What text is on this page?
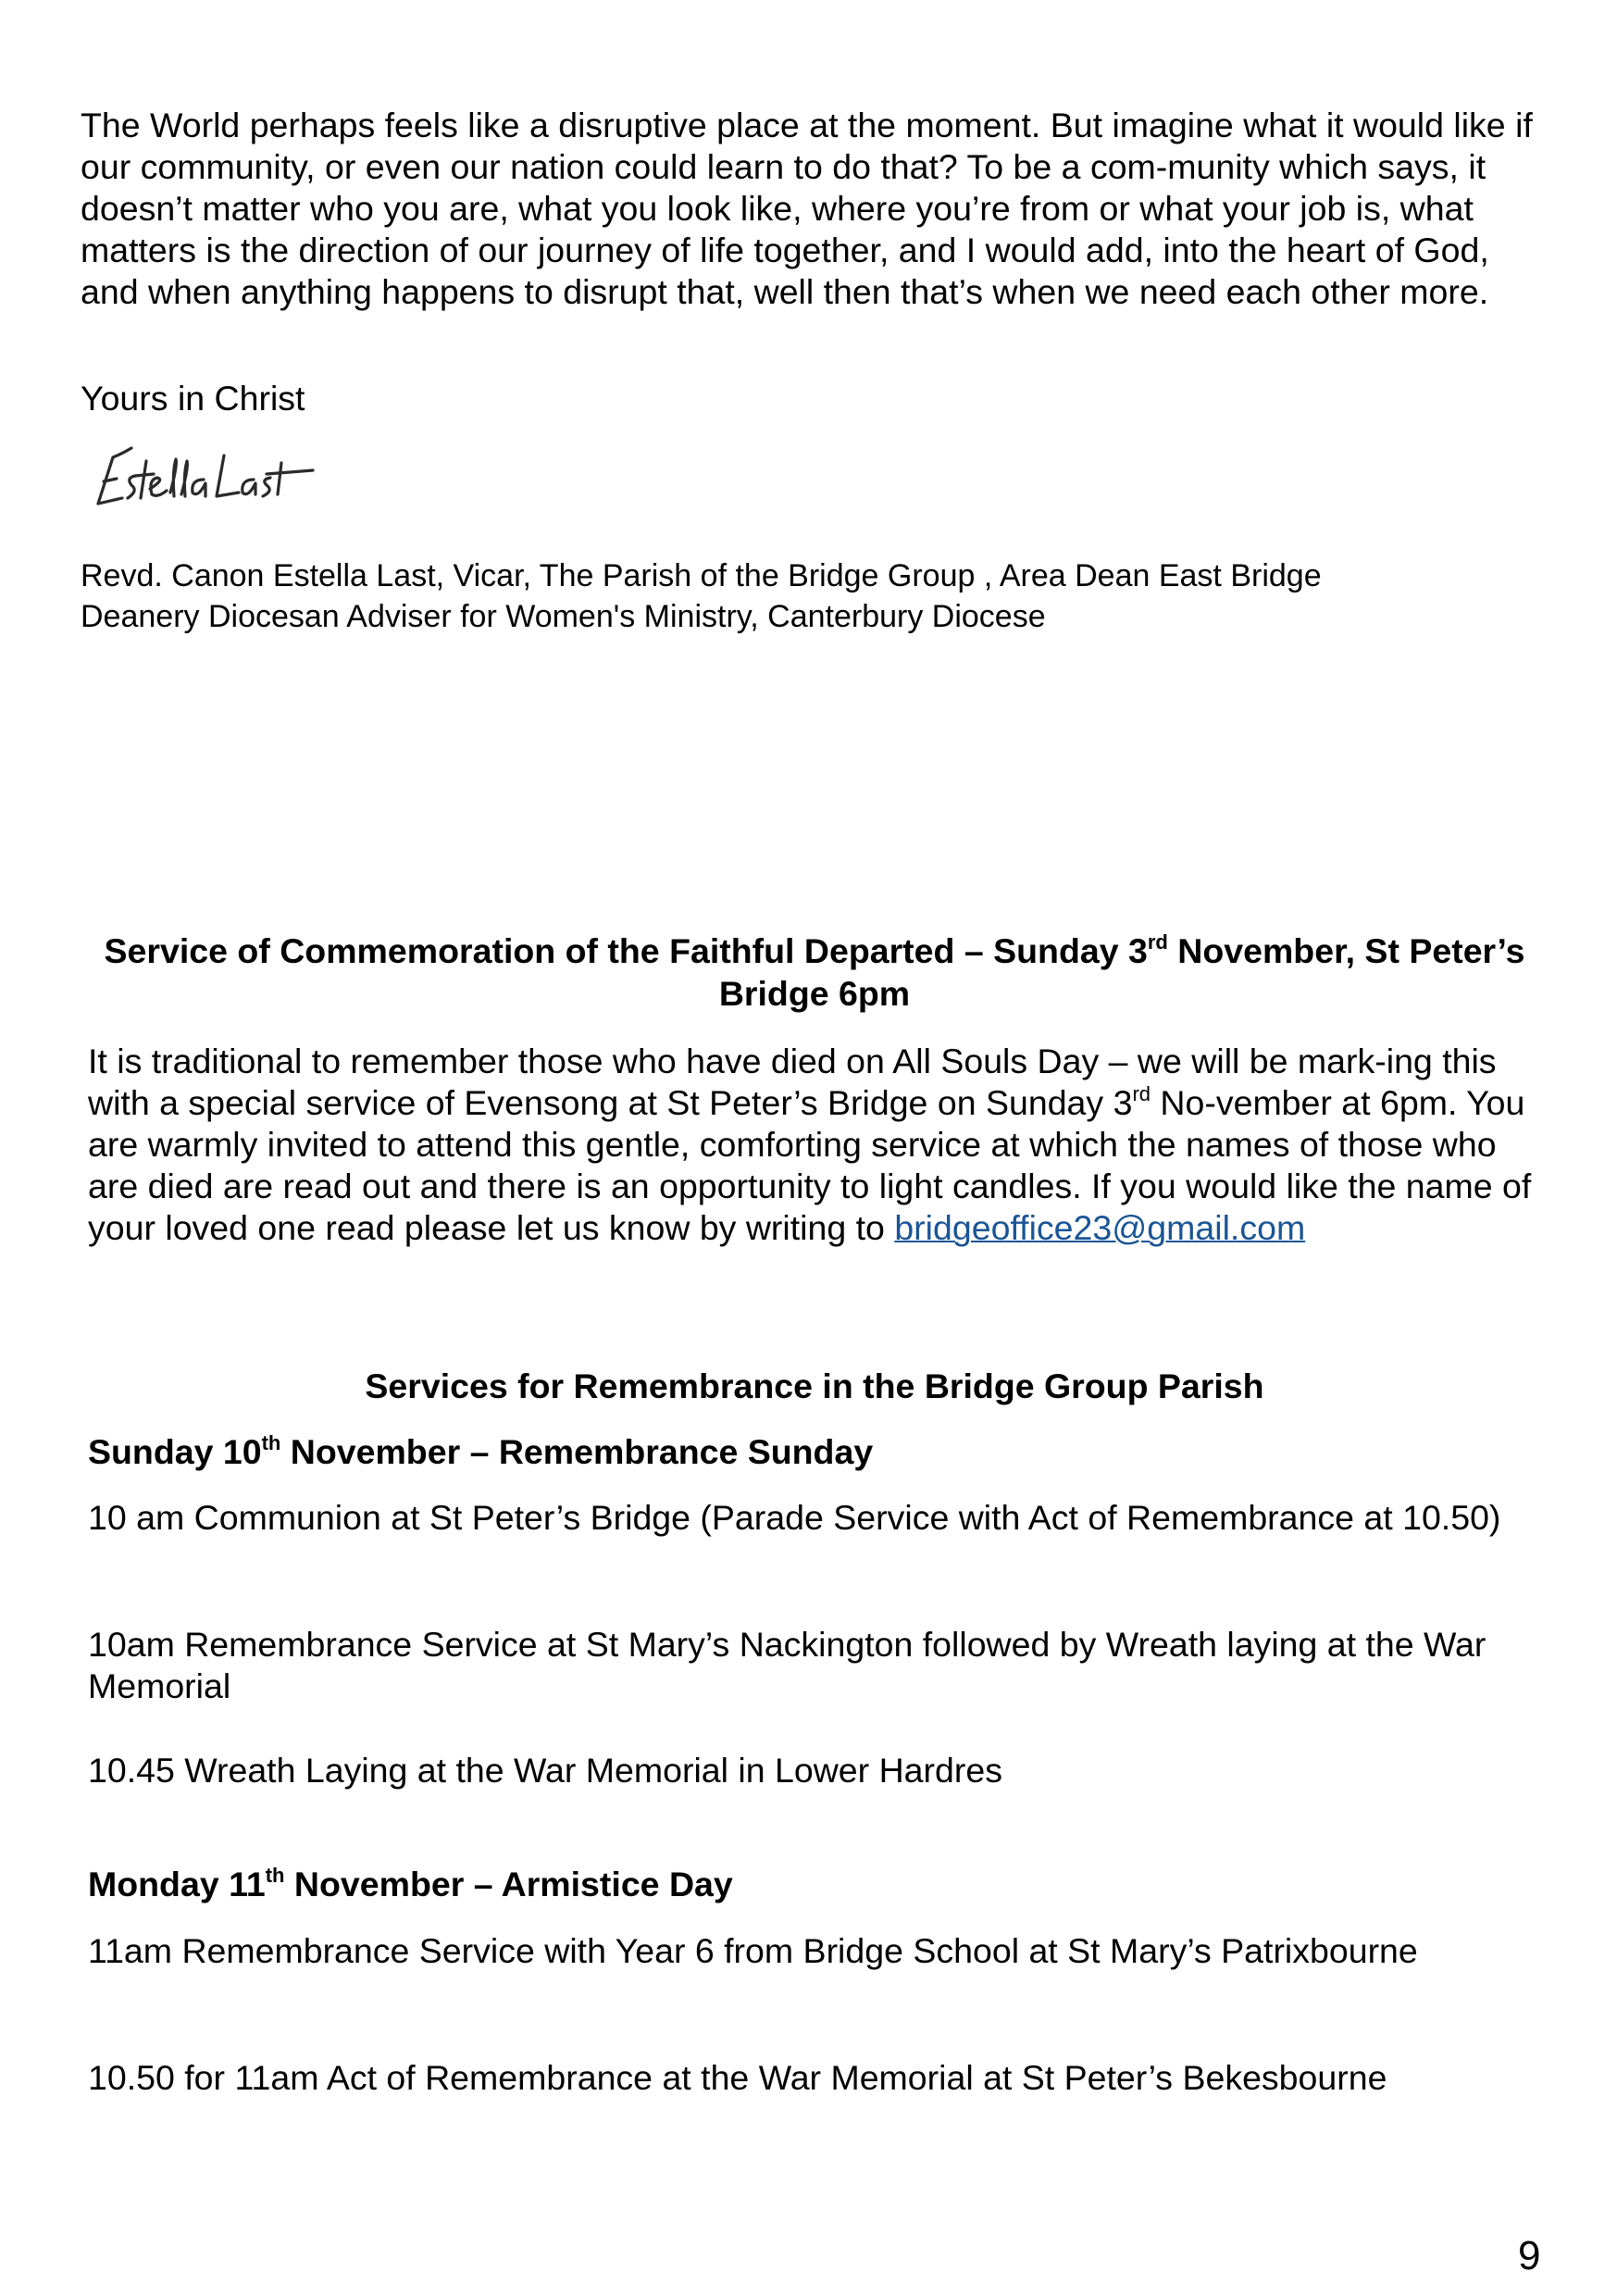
The World perhaps feels like a disruptive place at the moment. But imagine what it would like if our community, or even our nation could learn to do that? To be a com-munity which says, it doesn’t matter who you are, what you look like, where you’re from or what your job is, what matters is the direction of our journey of life together, and I would add, into the heart of God, and when anything happens to disrupt that, well then that’s when we need each other more.

Yours in Christ

Revd. Canon Estella Last, Vicar, The Parish of the Bridge Group , Area Dean East Bridge
Deanery Diocesan Adviser for Women's Ministry, Canterbury Diocese

Service of Commemoration of the Faithful Departed – Sunday 3rd November, St Peter’s Bridge 6pm

It is traditional to remember those who have died on All Souls Day – we will be mark-ing this with a special service of Evensong at St Peter’s Bridge on Sunday 3rd No-vember at 6pm. You are warmly invited to attend this gentle, comforting service at which the names of those who are died are read out and there is an opportunity to light candles. If you would like the name of your loved one read please let us know by writing to bridgeoffice23@gmail.com

Services for Remembrance in the Bridge Group Parish
Sunday 10th November – Remembrance Sunday

10 am Communion at St Peter’s Bridge (Parade Service with Act of Remembrance at 10.50)

10am Remembrance Service at St Mary’s Nackington followed by Wreath laying at the War Memorial

10.45 Wreath Laying at the War Memorial in Lower Hardres

Monday 11th November – Armistice Day

11am Remembrance Service with Year 6 from Bridge School at St Mary’s Patrixbourne

10.50 for 11am Act of Remembrance at the War Memorial at St Peter’s Bekesbourne

9
